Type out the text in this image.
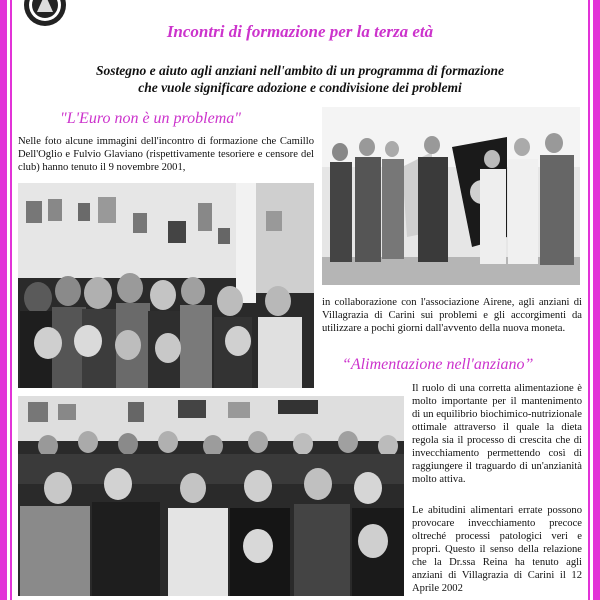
Incontri di formazione per la terza età
Sostegno e aiuto agli anziani nell'ambito di un programma di formazione
che vuole significare adozione e condivisione dei problemi
"L'Euro non è un problema"
Nelle foto alcune immagini dell'incontro di formazione che Camillo Dell'Oglio e Fulvio Glaviano (rispettivamente tesoriere e censore del club) hanno tenuto il 9 novembre 2001,
in collaborazione con l'associazione Airene, agli anziani di Villagrazia di Carini sui problemi e gli accorgimenti da utilizzare a pochi giorni dall'avvento della nuova moneta.
“Alimentazione nell'anziano”
Il ruolo di una corretta alimentazione è molto importante per il mantenimento di un equilibrio biochimico-nutrizionale ottimale attraverso il quale la dieta regola sia il processo di crescita che di invecchiamento permettendo così di raggiungere il traguardo di un'anzianità molto attiva.
Le abitudini alimentari errate possono provocare invecchiamento precoce oltreché processi patologici veri e propri. Questo il senso della relazione che la Dr.ssa Reina ha tenuto agli anziani di Villagrazia di Carini il 12 Aprile 2002
